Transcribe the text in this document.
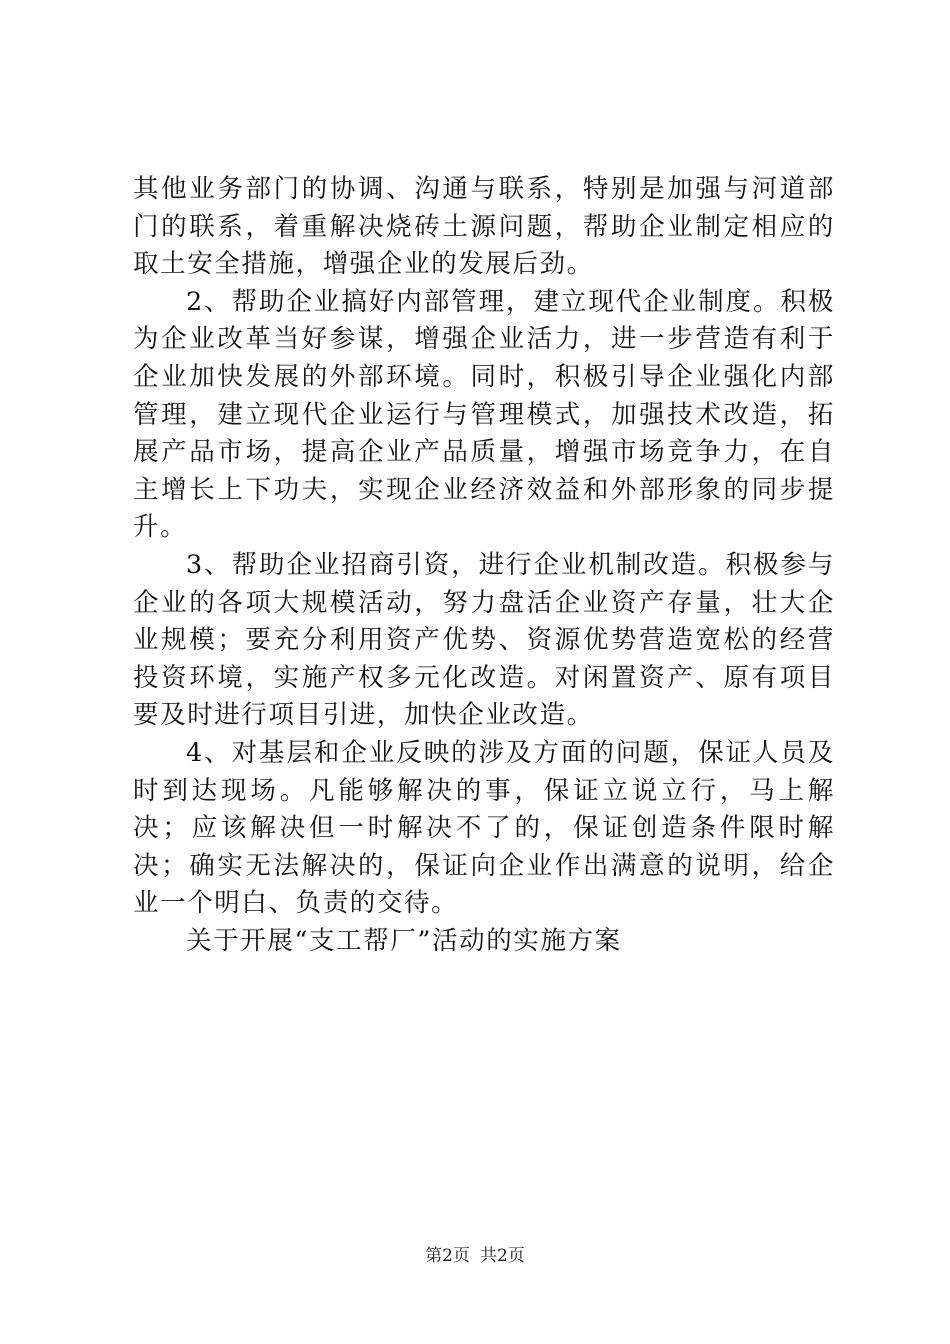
其他业务部门的协调、沟通与联系，特别是加强与河道部门的联系，着重解决烧砖土源问题，帮助企业制定相应的取土安全措施，增强企业的发展后劲。

2、帮助企业搞好内部管理，建立现代企业制度。积极为企业改革当好参谋，增强企业活力，进一步营造有利于企业加快发展的外部环境。同时，积极引导企业强化内部管理，建立现代企业运行与管理模式，加强技术改造，拓展产品市场，提高企业产品质量，增强市场竞争力，在自主增长上下功夫，实现企业经济效益和外部形象的同步提升。

3、帮助企业招商引资，进行企业机制改造。积极参与企业的各项大规模活动，努力盘活企业资产存量，壮大企业规模；要充分利用资产优势、资源优势营造宽松的经营投资环境，实施产权多元化改造。对闲置资产、原有项目要及时进行项目引进，加快企业改造。

4、对基层和企业反映的涉及方面的问题，保证人员及时到达现场。凡能够解决的事，保证立说立行，马上解决；应该解决但一时解决不了的，保证创造条件限时解决；确实无法解决的，保证向企业作出满意的说明，给企业一个明白、负责的交待。

关于开展“支工帮厂”活动的实施方案

第2页 共2页
